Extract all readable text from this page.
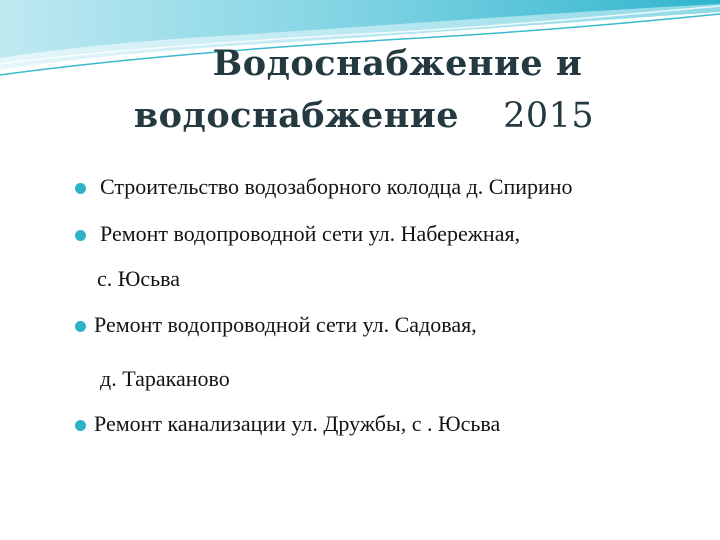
Водоснабжение и
водоснабжение 2015
Строительство водозаборного колодца д. Спирино
Ремонт водопроводной сети ул. Набережная,
с. Юсьва
Ремонт водопроводной сети ул. Садовая,
д. Тараканово
Ремонт канализации ул. Дружбы, с . Юсьва
